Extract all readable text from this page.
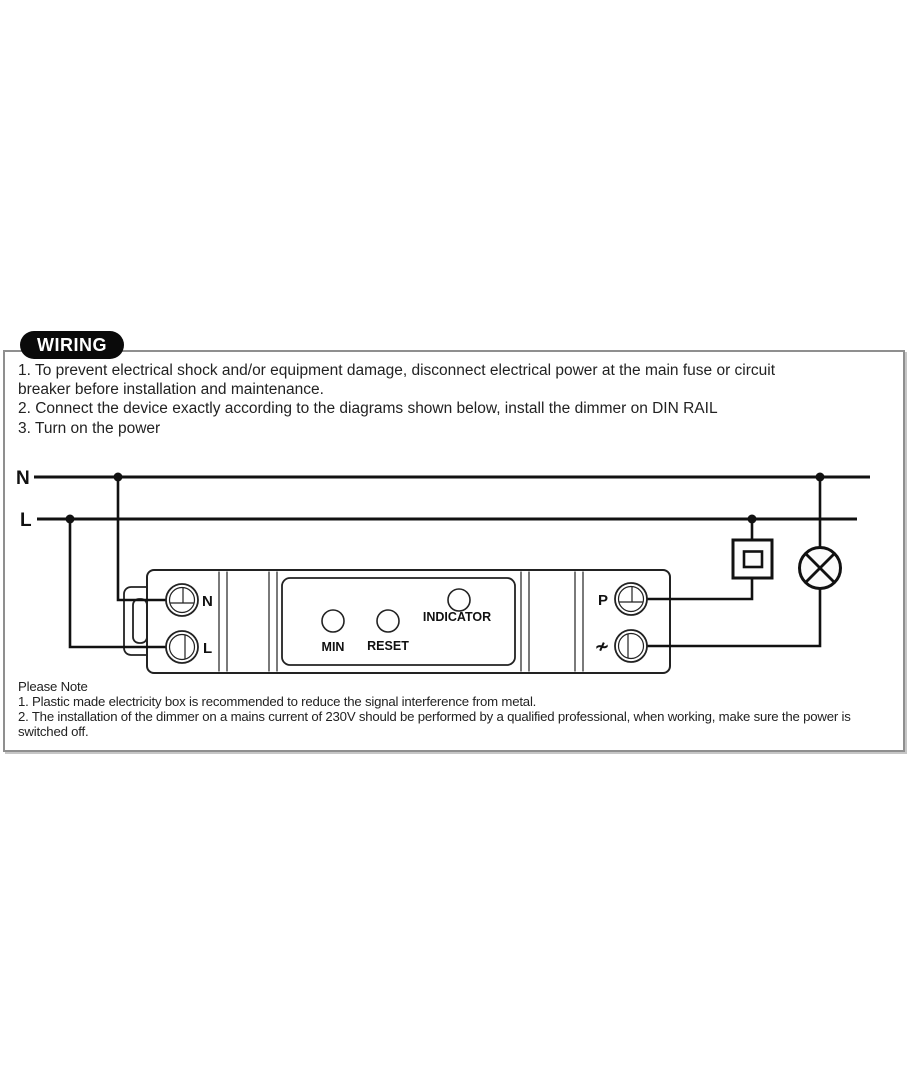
WIRING
1. To prevent electrical shock and/or equipment damage, disconnect electrical power at the main fuse or circuit breaker before installation and maintenance.
2. Connect the device exactly according to the diagrams shown below, install the dimmer on DIN RAIL
3. Turn on the power
N
L
N
L
P
≁
MIN RESET
INDICATOR

Please Note

1. Plastic made electricity box is recommended to reduce the signal interference from metal.

2. The installation of the dimmer on a mains current of 230V should be performed by a qualified professional, when working, make sure the power is switched off.
